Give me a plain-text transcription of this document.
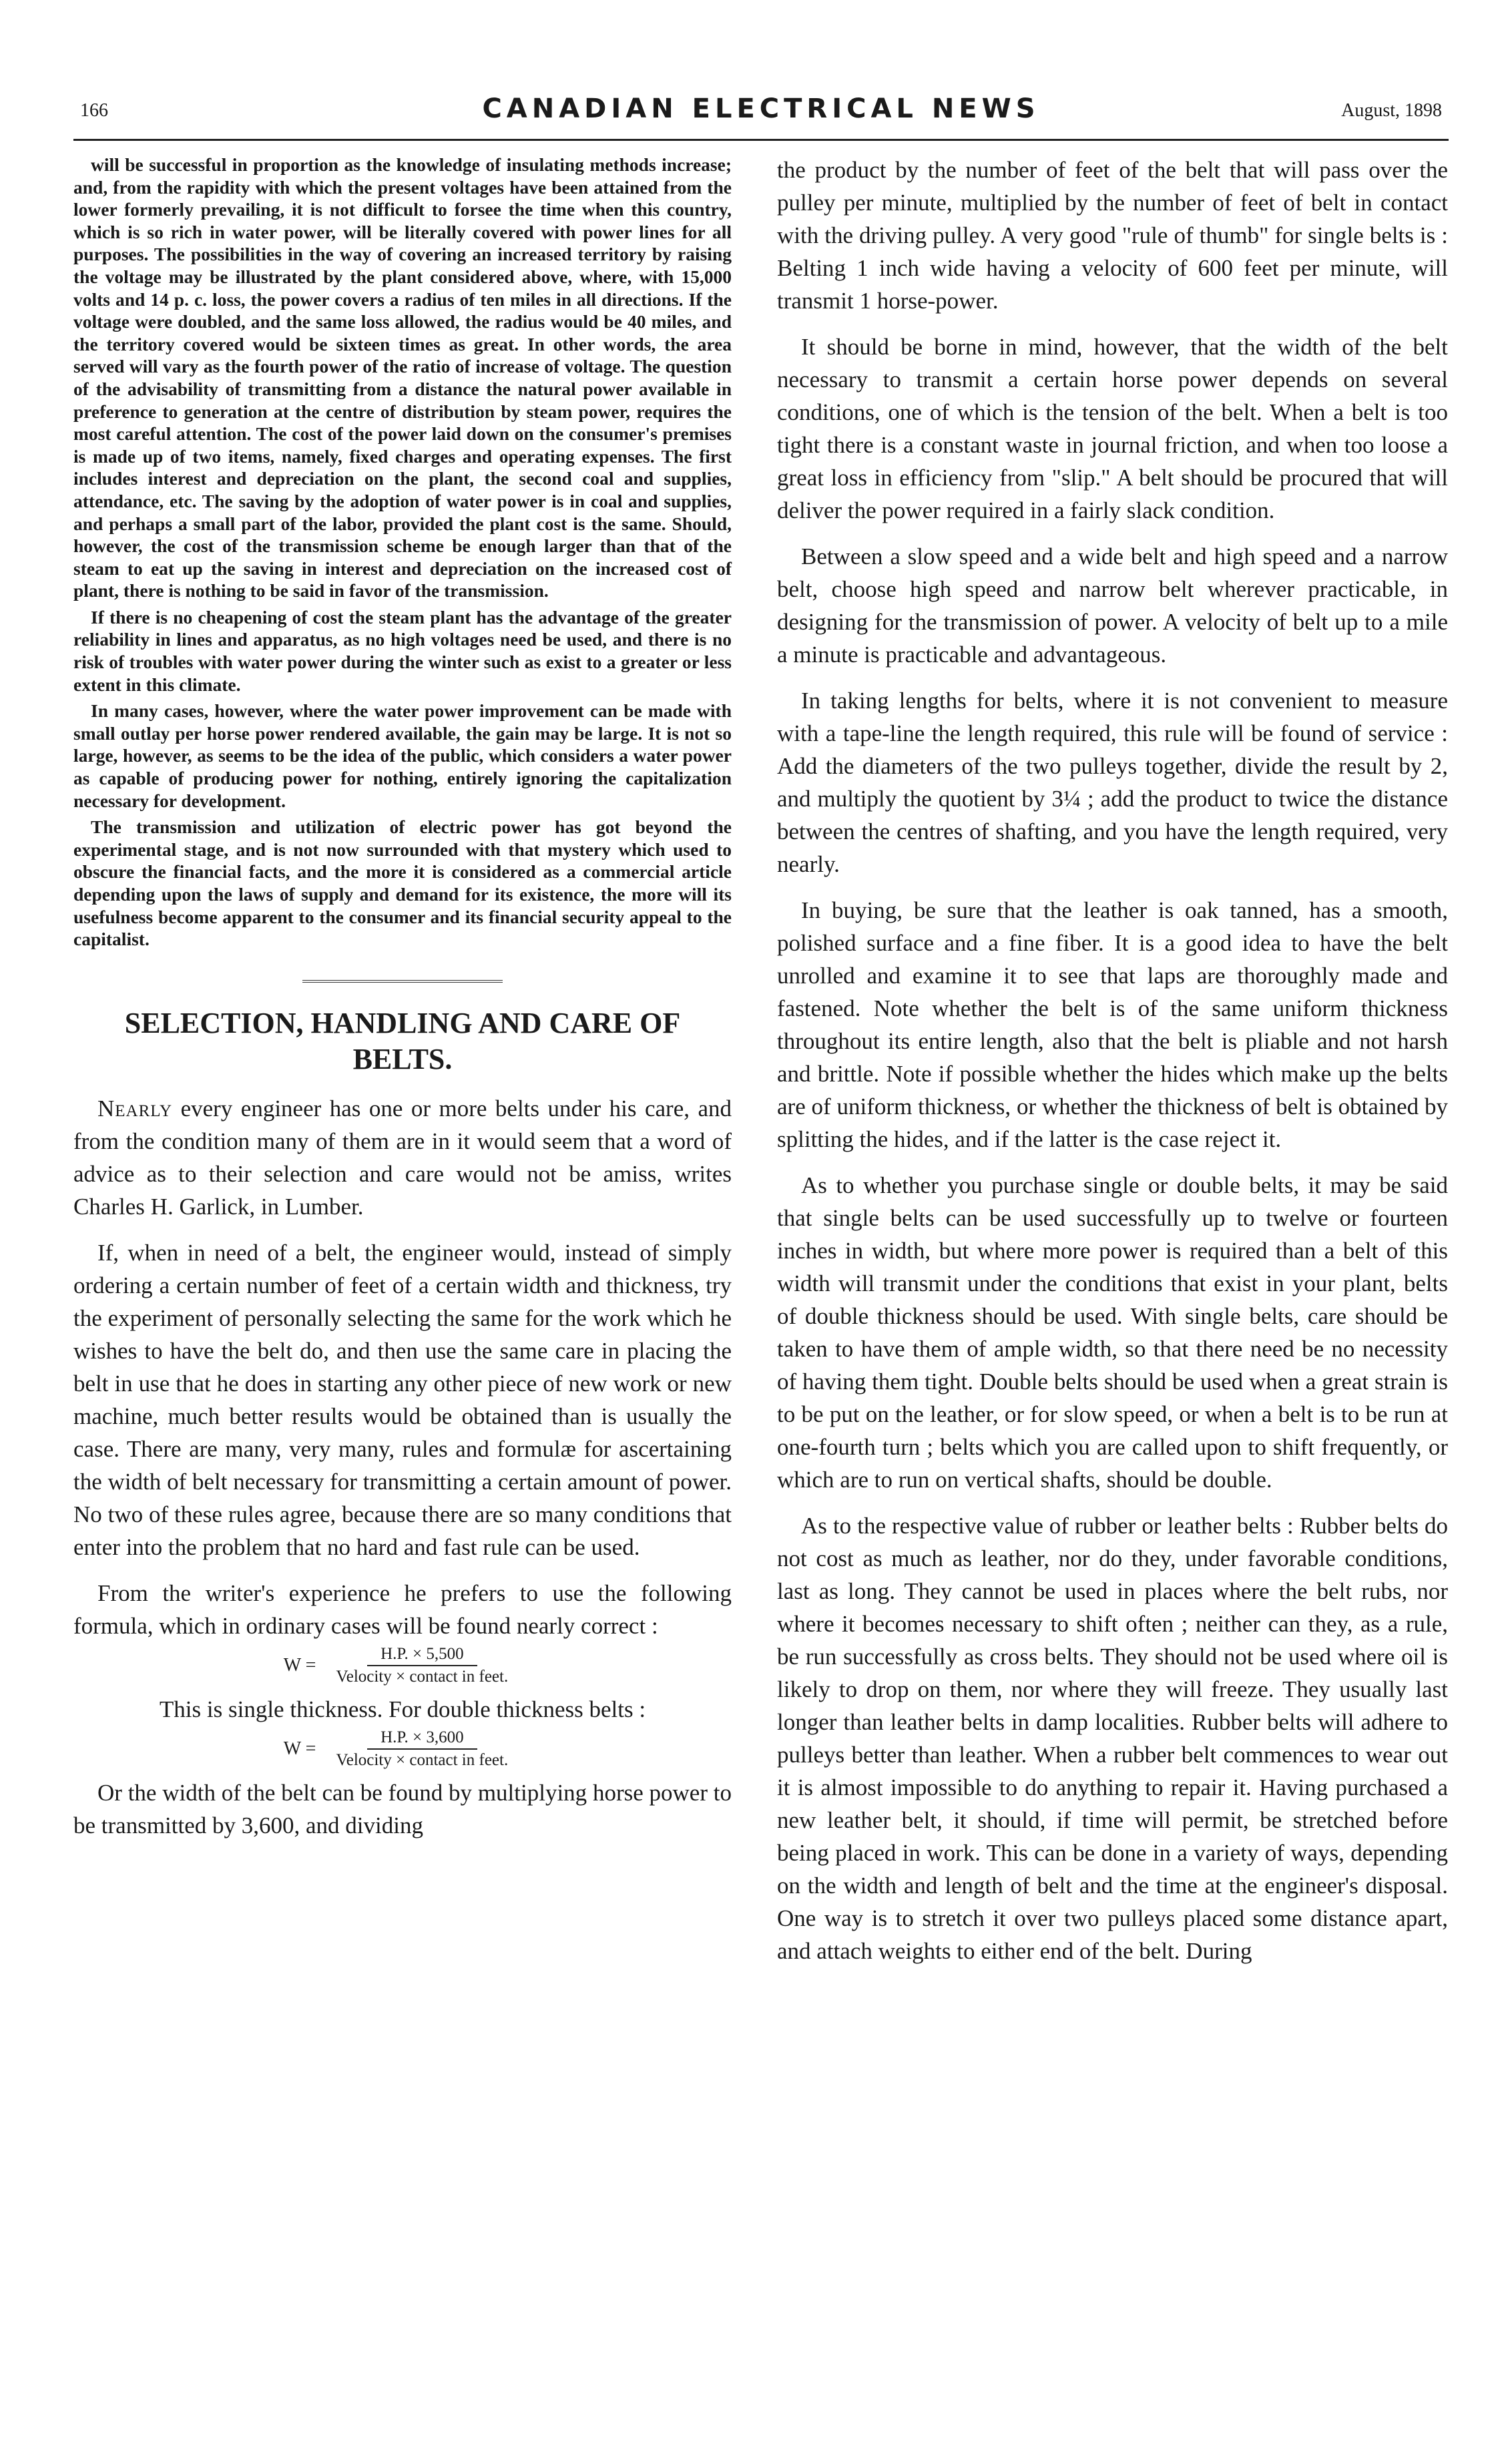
166	CANADIAN ELECTRICAL NEWS	August, 1898

will be successful in proportion as the knowledge of insulating methods increase; and, from the rapidity with which the present voltages have been attained from the lower formerly prevailing, it is not difficult to forsee the time when this country, which is so rich in water power, will be literally covered with power lines for all purposes. The possibilities in the way of covering an increased territory by raising the voltage may be illustrated by the plant considered above, where, with 15,000 volts and 14 p. c. loss, the power covers a radius of ten miles in all directions. If the voltage were doubled, and the same loss allowed, the radius would be 40 miles, and the territory covered would be sixteen times as great. In other words, the area served will vary as the fourth power of the ratio of increase of voltage. The question of the advisability of transmitting from a distance the natural power available in preference to generation at the centre of distribution by steam power, requires the most careful attention. The cost of the power laid down on the consumer's premises is made up of two items, namely, fixed charges and operating expenses. The first includes interest and depreciation on the plant, the second coal and supplies, attendance, etc. The saving by the adoption of water power is in coal and supplies, and perhaps a small part of the labor, provided the plant cost is the same. Should, however, the cost of the transmission scheme be enough larger than that of the steam to eat up the saving in interest and depreciation on the increased cost of plant, there is nothing to be said in favor of the transmission.

If there is no cheapening of cost the steam plant has the advantage of the greater reliability in lines and apparatus, as no high voltages need be used, and there is no risk of troubles with water power during the winter such as exist to a greater or less extent in this climate.

In many cases, however, where the water power improvement can be made with small outlay per horse power rendered available, the gain may be large. It is not so large, however, as seems to be the idea of the public, which considers a water power as capable of producing power for nothing, entirely ignoring the capitalization necessary for development.

The transmission and utilization of electric power has got beyond the experimental stage, and is not now surrounded with that mystery which used to obscure the financial facts, and the more it is considered as a commercial article depending upon the laws of supply and demand for its existence, the more will its usefulness become apparent to the consumer and its financial security appeal to the capitalist.

SELECTION, HANDLING AND CARE OF BELTS.

Nearly every engineer has one or more belts under his care, and from the condition many of them are in it would seem that a word of advice as to their selection and care would not be amiss, writes Charles H. Garlick, in Lumber.

If, when in need of a belt, the engineer would, instead of simply ordering a certain number of feet of a certain width and thickness, try the experiment of personally selecting the same for the work which he wishes to have the belt do, and then use the same care in placing the belt in use that he does in starting any other piece of new work or new machine, much better results would be obtained than is usually the case. There are many, very many, rules and formulæ for ascertaining the width of belt necessary for transmitting a certain amount of power. No two of these rules agree, because there are so many conditions that enter into the problem that no hard and fast rule can be used.

From the writer's experience he prefers to use the following formula, which in ordinary cases will be found nearly correct :

$W = \frac{H.P. \times 5,500}{\text{Velocity × contact in feet.}}$

This is single thickness. For double thickness belts :

$W = \frac{H.P. \times 3,600}{\text{Velocity × contact in feet.}}$

Or the width of the belt can be found by multiplying horse power to be transmitted by 3,600, and dividing

the product by the number of feet of the belt that will pass over the pulley per minute, multiplied by the number of feet of belt in contact with the driving pulley. A very good "rule of thumb" for single belts is : Belting 1 inch wide having a velocity of 600 feet per minute, will transmit 1 horse-power.

It should be borne in mind, however, that the width of the belt necessary to transmit a certain horse power depends on several conditions, one of which is the tension of the belt. When a belt is too tight there is a constant waste in journal friction, and when too loose a great loss in efficiency from "slip." A belt should be procured that will deliver the power required in a fairly slack condition.

Between a slow speed and a wide belt and high speed and a narrow belt, choose high speed and narrow belt wherever practicable, in designing for the transmission of power. A velocity of belt up to a mile a minute is practicable and advantageous.

In taking lengths for belts, where it is not convenient to measure with a tape-line the length required, this rule will be found of service : Add the diameters of the two pulleys together, divide the result by 2, and multiply the quotient by 3¼ ; add the product to twice the distance between the centres of shafting, and you have the length required, very nearly.

In buying, be sure that the leather is oak tanned, has a smooth, polished surface and a fine fiber. It is a good idea to have the belt unrolled and examine it to see that laps are thoroughly made and fastened. Note whether the belt is of the same uniform thickness throughout its entire length, also that the belt is pliable and not harsh and brittle. Note if possible whether the hides which make up the belts are of uniform thickness, or whether the thickness of belt is obtained by splitting the hides, and if the latter is the case reject it.

As to whether you purchase single or double belts, it may be said that single belts can be used successfully up to twelve or fourteen inches in width, but where more power is required than a belt of this width will transmit under the conditions that exist in your plant, belts of double thickness should be used. With single belts, care should be taken to have them of ample width, so that there need be no necessity of having them tight. Double belts should be used when a great strain is to be put on the leather, or for slow speed, or when a belt is to be run at one-fourth turn ; belts which you are called upon to shift frequently, or which are to run on vertical shafts, should be double.

As to the respective value of rubber or leather belts : Rubber belts do not cost as much as leather, nor do they, under favorable conditions, last as long. They cannot be used in places where the belt rubs, nor where it becomes necessary to shift often ; neither can they, as a rule, be run successfully as cross belts. They should not be used where oil is likely to drop on them, nor where they will freeze. They usually last longer than leather belts in damp localities. Rubber belts will adhere to pulleys better than leather. When a rubber belt commences to wear out it is almost impossible to do anything to repair it. Having purchased a new leather belt, it should, if time will permit, be stretched before being placed in work. This can be done in a variety of ways, depending on the width and length of belt and the time at the engineer's disposal. One way is to stretch it over two pulleys placed some distance apart, and attach weights to either end of the belt. During
